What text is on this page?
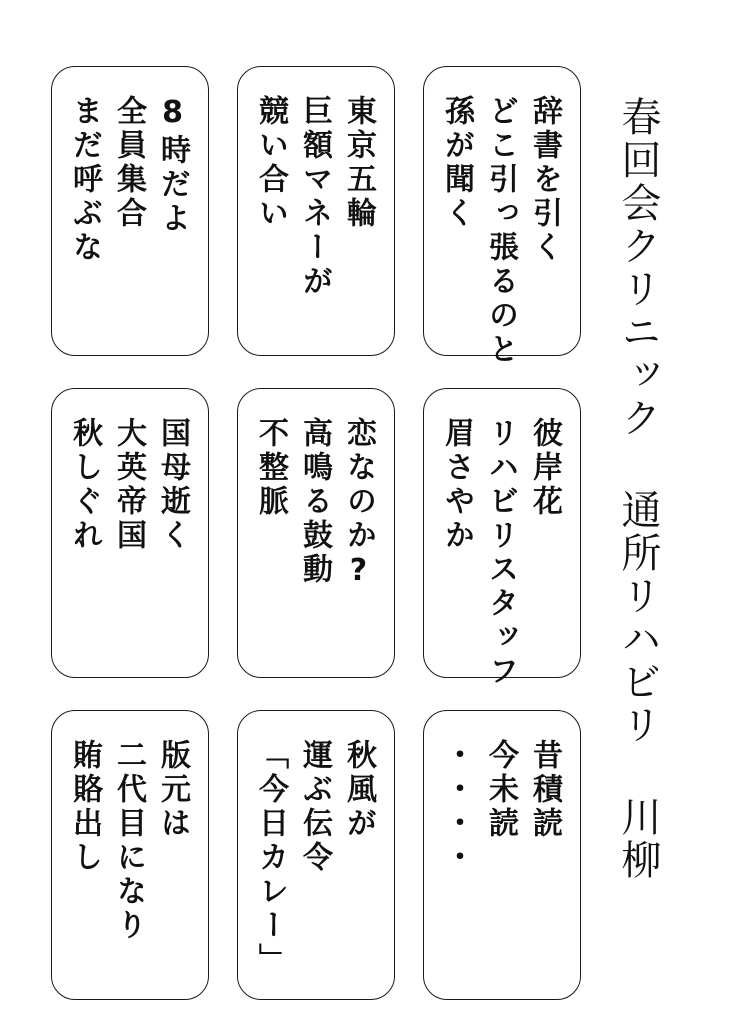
春回会クリニック 通所リハビリ 川柳
辞書を引く
どこ引っ張るのと
孫が聞く
東京五輪
巨額マネーが
競い合い
8時だよ
全員集合
まだ呼ぶな
彼岸花
リハビリスタッフ
眉さやか
恋なのか?
高鳴る鼓動
不整脈
国母逝く
大英帝国
秋しぐれ
昔積読
今未読
・・・・
秋風が
運ぶ伝令
「今日カレー」
版元は
二代目になり
賄賂出し
